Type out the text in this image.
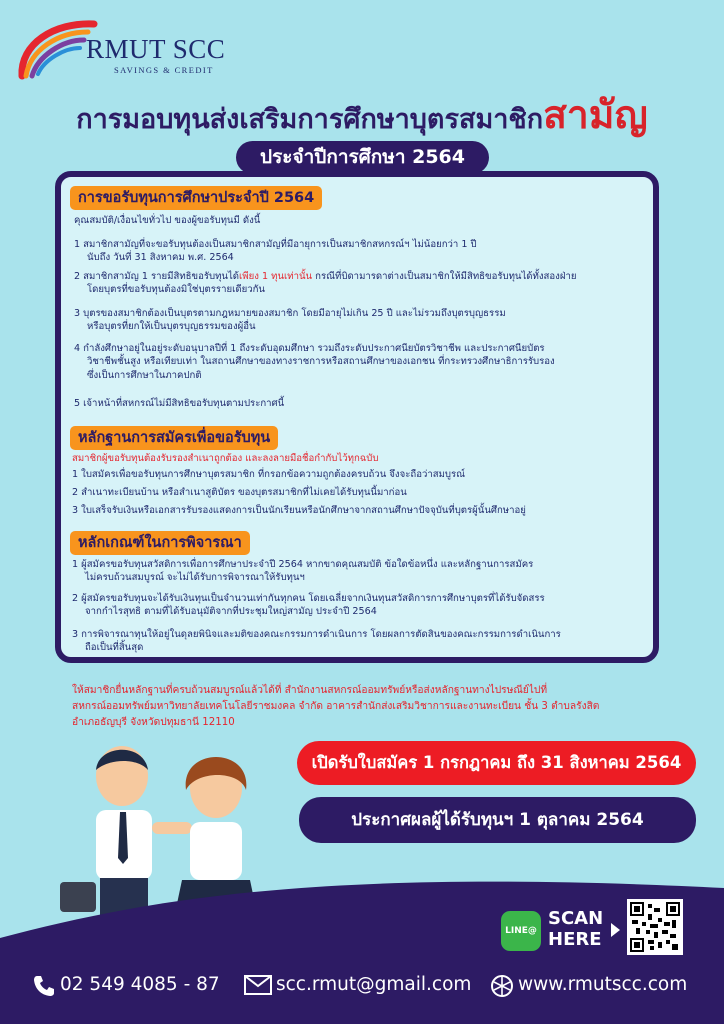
RMUT SCC
SAVINGS & CREDIT
การมอบทุนส่งเสริมการศึกษาบุตรสมาชิกสามัญ
ประจำปีการศึกษา 2564
การขอรับทุนการศึกษาประจำปี 2564
คุณสมบัติ/เงื่อนไขทั่วไป ของผู้ขอรับทุนมี ดังนี้
1 สมาชิกสามัญที่จะขอรับทุนต้องเป็นสมาชิกสามัญที่มีอายุการเป็นสมาชิกสหกรณ์ฯ ไม่น้อยกว่า 1 ปี
นับถึง วันที่ 31 สิงหาคม พ.ศ. 2564
2 สมาชิกสามัญ 1 รายมีสิทธิขอรับทุนได้เพียง 1 ทุนเท่านั้น กรณีที่บิดามารดาต่างเป็นสมาชิกให้มีสิทธิขอรับทุนได้ทั้งสองฝ่าย
โดยบุตรที่ขอรับทุนต้องมิใช่บุตรรายเดียวกัน
3 บุตรของสมาชิกต้องเป็นบุตรตามกฎหมายของสมาชิก โดยมีอายุไม่เกิน 25 ปี และไม่รวมถึงบุตรบุญธรรม
หรือบุตรที่ยกให้เป็นบุตรบุญธรรมของผู้อื่น
4 กำลังศึกษาอยู่ในอยู่ระดับอนุบาลปีที่ 1 ถึงระดับอุดมศึกษา รวมถึงระดับประกาศนียบัตรวิชาชีพ และประกาศนียบัตร
วิชาชีพชั้นสูง หรือเทียบเท่า ในสถานศึกษาของทางราชการหรือสถานศึกษาของเอกชน ที่กระทรวงศึกษาธิการรับรอง
ซึ่งเป็นการศึกษาในภาคปกติ
5 เจ้าหน้าที่สหกรณ์ไม่มีสิทธิขอรับทุนตามประกาศนี้
หลักฐานการสมัครเพื่อขอรับทุน
สมาชิกผู้ขอรับทุนต้องรับรองสำเนาถูกต้อง และลงลายมือชื่อกำกับไว้ทุกฉบับ
1 ใบสมัครเพื่อขอรับทุนการศึกษาบุตรสมาชิก ที่กรอกข้อความถูกต้องครบถ้วน จึงจะถือว่าสมบูรณ์
2 สำเนาทะเบียนบ้าน หรือสำเนาสูติบัตร ของบุตรสมาชิกที่ไม่เคยได้รับทุนนี้มาก่อน
3 ใบเสร็จรับเงินหรือเอกสารรับรองแสดงการเป็นนักเรียนหรือนักศึกษาจากสถานศึกษาปัจจุบันที่บุตรผู้นั้นศึกษาอยู่
หลักเกณฑ์ในการพิจารณา
1 ผู้สมัครขอรับทุนสวัสดิการเพื่อการศึกษาประจำปี 2564 หากขาดคุณสมบัติ ข้อใดข้อหนึ่ง และหลักฐานการสมัคร
ไม่ครบถ้วนสมบูรณ์ จะไม่ได้รับการพิจารณาให้รับทุนฯ
2 ผู้สมัครขอรับทุนจะได้รับเงินทุนเป็นจำนวนเท่ากันทุกคน โดยเฉลี่ยจากเงินทุนสวัสดิการการศึกษาบุตรที่ได้รับจัดสรร
จากกำไรสุทธิ ตามที่ได้รับอนุมัติจากที่ประชุมใหญ่สามัญ ประจำปี 2564
3 การพิจารณาทุนให้อยู่ในดุลยพินิจและมติของคณะกรรมการดำเนินการ โดยผลการตัดสินของคณะกรรมการดำเนินการ
ถือเป็นที่สิ้นสุด
ให้สมาชิกยื่นหลักฐานที่ครบถ้วนสมบูรณ์แล้วได้ที่ สำนักงานสหกรณ์ออมทรัพย์หรือส่งหลักฐานทางไปรษณีย์ไปที่
สหกรณ์ออมทรัพย์มหาวิทยาลัยเทคโนโลยีราชมงคล จำกัด อาคารสำนักส่งเสริมวิชาการและงานทะเบียน ชั้น 3 ตำบลรังสิต
อำเภอธัญบุรี จังหวัดปทุมธานี 12110
เปิดรับใบสมัคร 1 กรกฎาคม ถึง 31 สิงหาคม 2564
ประกาศผลผู้ได้รับทุนฯ 1 ตุลาคม 2564
LINE@
SCAN
HERE
02 549 4085 - 87	scc.rmut@gmail.com	www.rmutscc.com
